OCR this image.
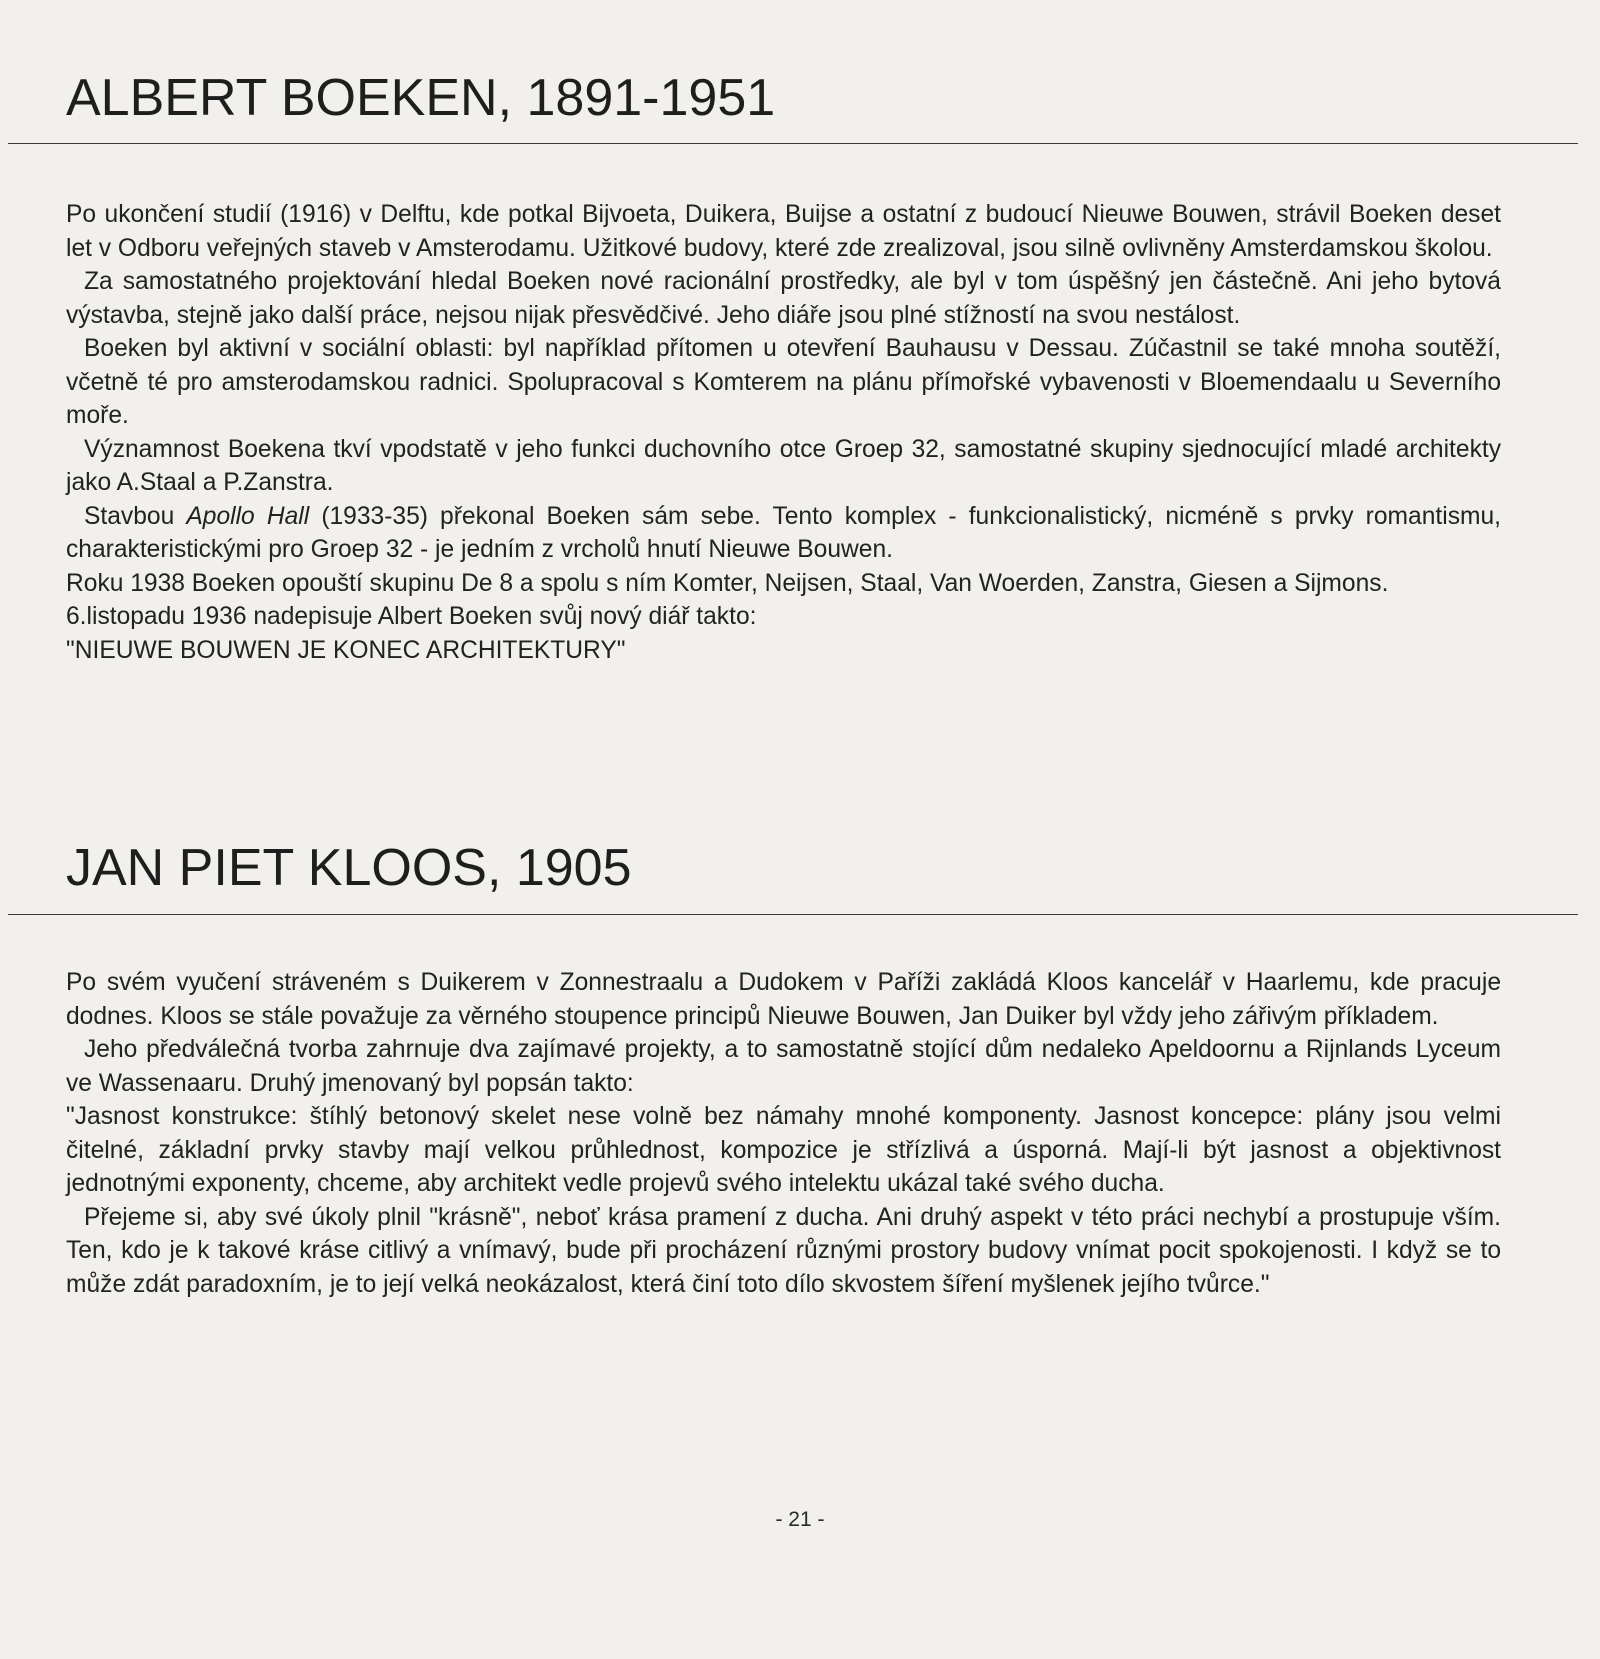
ALBERT BOEKEN, 1891-1951

Po ukončení studií (1916) v Delftu, kde potkal Bijvoeta, Duikera, Buijse a ostatní z budoucí Nieuwe Bouwen, strávil Boeken deset let v Odboru veřejných staveb v Amsterodamu. Užitkové budovy, které zde zrealizoval, jsou silně ovlivněny Amsterdamskou školou.

Za samostatného projektování hledal Boeken nové racionální prostředky, ale byl v tom úspěšný jen částečně. Ani jeho bytová výstavba, stejně jako další práce, nejsou nijak přesvědčivé. Jeho diáře jsou plné stížností na svou nestálost.

Boeken byl aktivní v sociální oblasti: byl například přítomen u otevření Bauhausu v Dessau. Zúčastnil se také mnoha soutěží, včetně té pro amsterodamskou radnici. Spolupracoval s Komterem na plánu přímořské vybavenosti v Bloemendaalu u Severního moře.

Významnost Boekena tkví vpodstatě v jeho funkci duchovního otce Groep 32, samostatné skupiny sjednocující mladé architekty jako A.Staal a P.Zanstra.

Stavbou Apollo Hall (1933-35) překonal Boeken sám sebe. Tento komplex - funkcionalistický, nicméně s prvky romantismu, charakteristickými pro Groep 32 - je jedním z vrcholů hnutí Nieuwe Bouwen.

Roku 1938 Boeken opouští skupinu De 8 a spolu s ním Komter, Neijsen, Staal, Van Woerden, Zanstra, Giesen a Sijmons.

6.listopadu 1936 nadepisuje Albert Boeken svůj nový diář takto:

"NIEUWE BOUWEN JE KONEC ARCHITEKTURY"

JAN PIET KLOOS, 1905

Po svém vyučení stráveném s Duikerem v Zonnestraalu a Dudokem v Paříži zakládá Kloos kancelář v Haarlemu, kde pracuje dodnes. Kloos se stále považuje za věrného stoupence principů Nieuwe Bouwen, Jan Duiker byl vždy jeho zářivým příkladem.

Jeho předválečná tvorba zahrnuje dva zajímavé projekty, a to samostatně stojící dům nedaleko Apeldoornu a Rijnlands Lyceum ve Wassenaaru. Druhý jmenovaný byl popsán takto:

"Jasnost konstrukce: štíhlý betonový skelet nese volně bez námahy mnohé komponenty. Jasnost koncepce: plány jsou velmi čitelné, základní prvky stavby mají velkou průhlednost, kompozice je střízlivá a úsporná. Mají-li být jasnost a objektivnost jednotnými exponenty, chceme, aby architekt vedle projevů svého intelektu ukázal také svého ducha.

Přejeme si, aby své úkoly plnil "krásně", neboť krása pramení z ducha. Ani druhý aspekt v této práci nechybí a prostupuje vším. Ten, kdo je k takové kráse citlivý a vnímavý, bude při procházení různými prostory budovy vnímat pocit spokojenosti. I když se to může zdát paradoxním, je to její velká neokázalost, která činí toto dílo skvostem šíření myšlenek jejího tvůrce."

- 21 -
